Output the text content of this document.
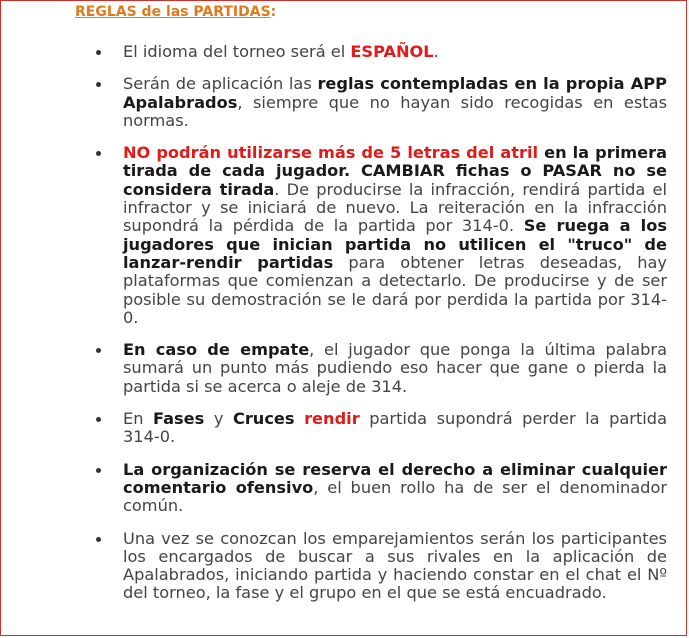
REGLAS de las PARTIDAS:
El idioma del torneo será el ESPAÑOL.
Serán de aplicación las reglas contempladas en la propia APP Apalabrados, siempre que no hayan sido recogidas en estas normas.
NO podrán utilizarse más de 5 letras del atril en la primera tirada de cada jugador. CAMBIAR fichas o PASAR no se considera tirada. De producirse la infracción, rendirá partida el infractor y se iniciará de nuevo. La reiteración en la infracción supondrá la pérdida de la partida por 314-0. Se ruega a los jugadores que inician partida no utilicen el "truco" de lanzar-rendir partidas para obtener letras deseadas, hay plataformas que comienzan a detectarlo. De producirse y de ser posible su demostración se le dará por perdida la partida por 314-0.
En caso de empate, el jugador que ponga la última palabra sumará un punto más pudiendo eso hacer que gane o pierda la partida si se acerca o aleje de 314.
En Fases y Cruces rendir partida supondrá perder la partida 314-0.
La organización se reserva el derecho a eliminar cualquier comentario ofensivo, el buen rollo ha de ser el denominador común.
Una vez se conozcan los emparejamientos serán los participantes los encargados de buscar a sus rivales en la aplicación de Apalabrados, iniciando partida y haciendo constar en el chat el Nº del torneo, la fase y el grupo en el que se está encuadrado.
